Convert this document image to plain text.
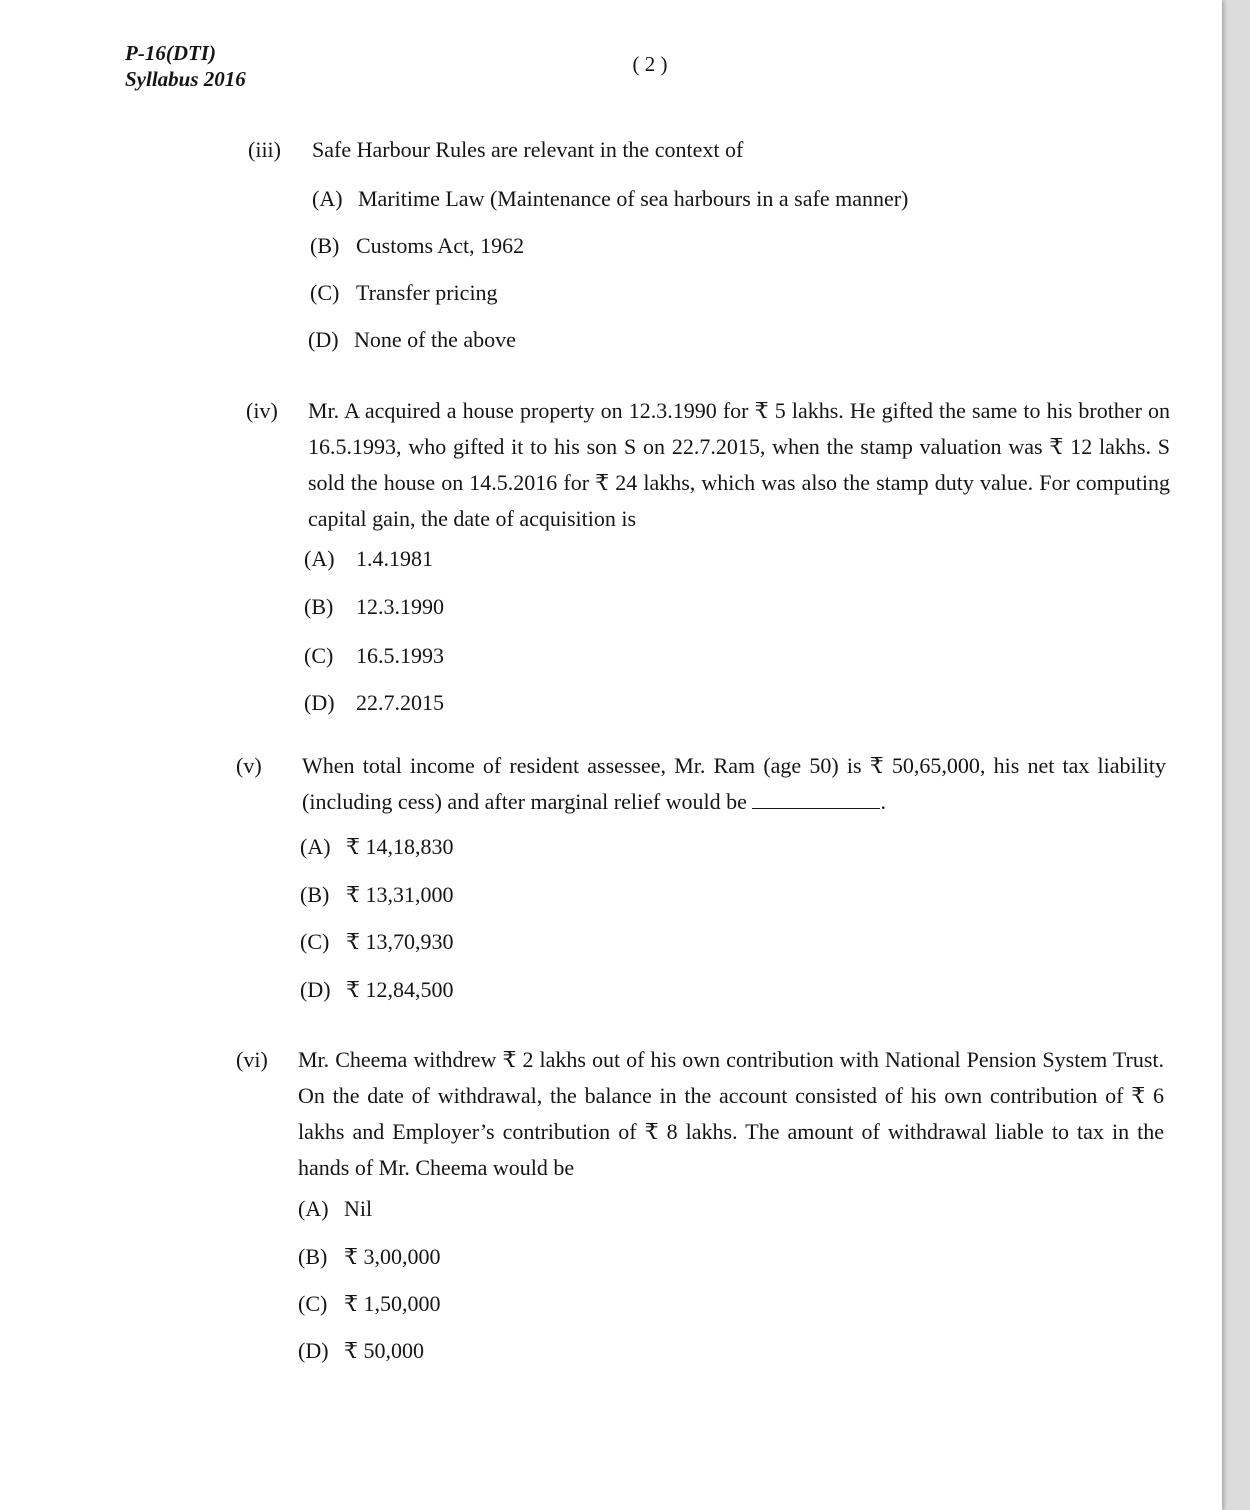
P-16(DTI)
Syllabus 2016
( 2 )
(iii) Safe Harbour Rules are relevant in the context of
(A) Maritime Law (Maintenance of sea harbours in a safe manner)
(B) Customs Act, 1962
(C) Transfer pricing
(D) None of the above
(iv) Mr. A acquired a house property on 12.3.1990 for ₹ 5 lakhs. He gifted the same to his brother on 16.5.1993, who gifted it to his son S on 22.7.2015, when the stamp valuation was ₹ 12 lakhs. S sold the house on 14.5.2016 for ₹ 24 lakhs, which was also the stamp duty value. For computing capital gain, the date of acquisition is
(A) 1.4.1981
(B) 12.3.1990
(C) 16.5.1993
(D) 22.7.2015
(v) When total income of resident assessee, Mr. Ram (age 50) is ₹ 50,65,000, his net tax liability (including cess) and after marginal relief would be	.
(A) ₹ 14,18,830
(B) ₹ 13,31,000
(C) ₹ 13,70,930
(D) ₹ 12,84,500
(vi) Mr. Cheema withdrew ₹ 2 lakhs out of his own contribution with National Pension System Trust. On the date of withdrawal, the balance in the account consisted of his own contribution of ₹ 6 lakhs and Employer’s contribution of ₹ 8 lakhs. The amount of withdrawal liable to tax in the hands of Mr. Cheema would be
(A) Nil
(B) ₹ 3,00,000
(C) ₹ 1,50,000
(D) ₹ 50,000
